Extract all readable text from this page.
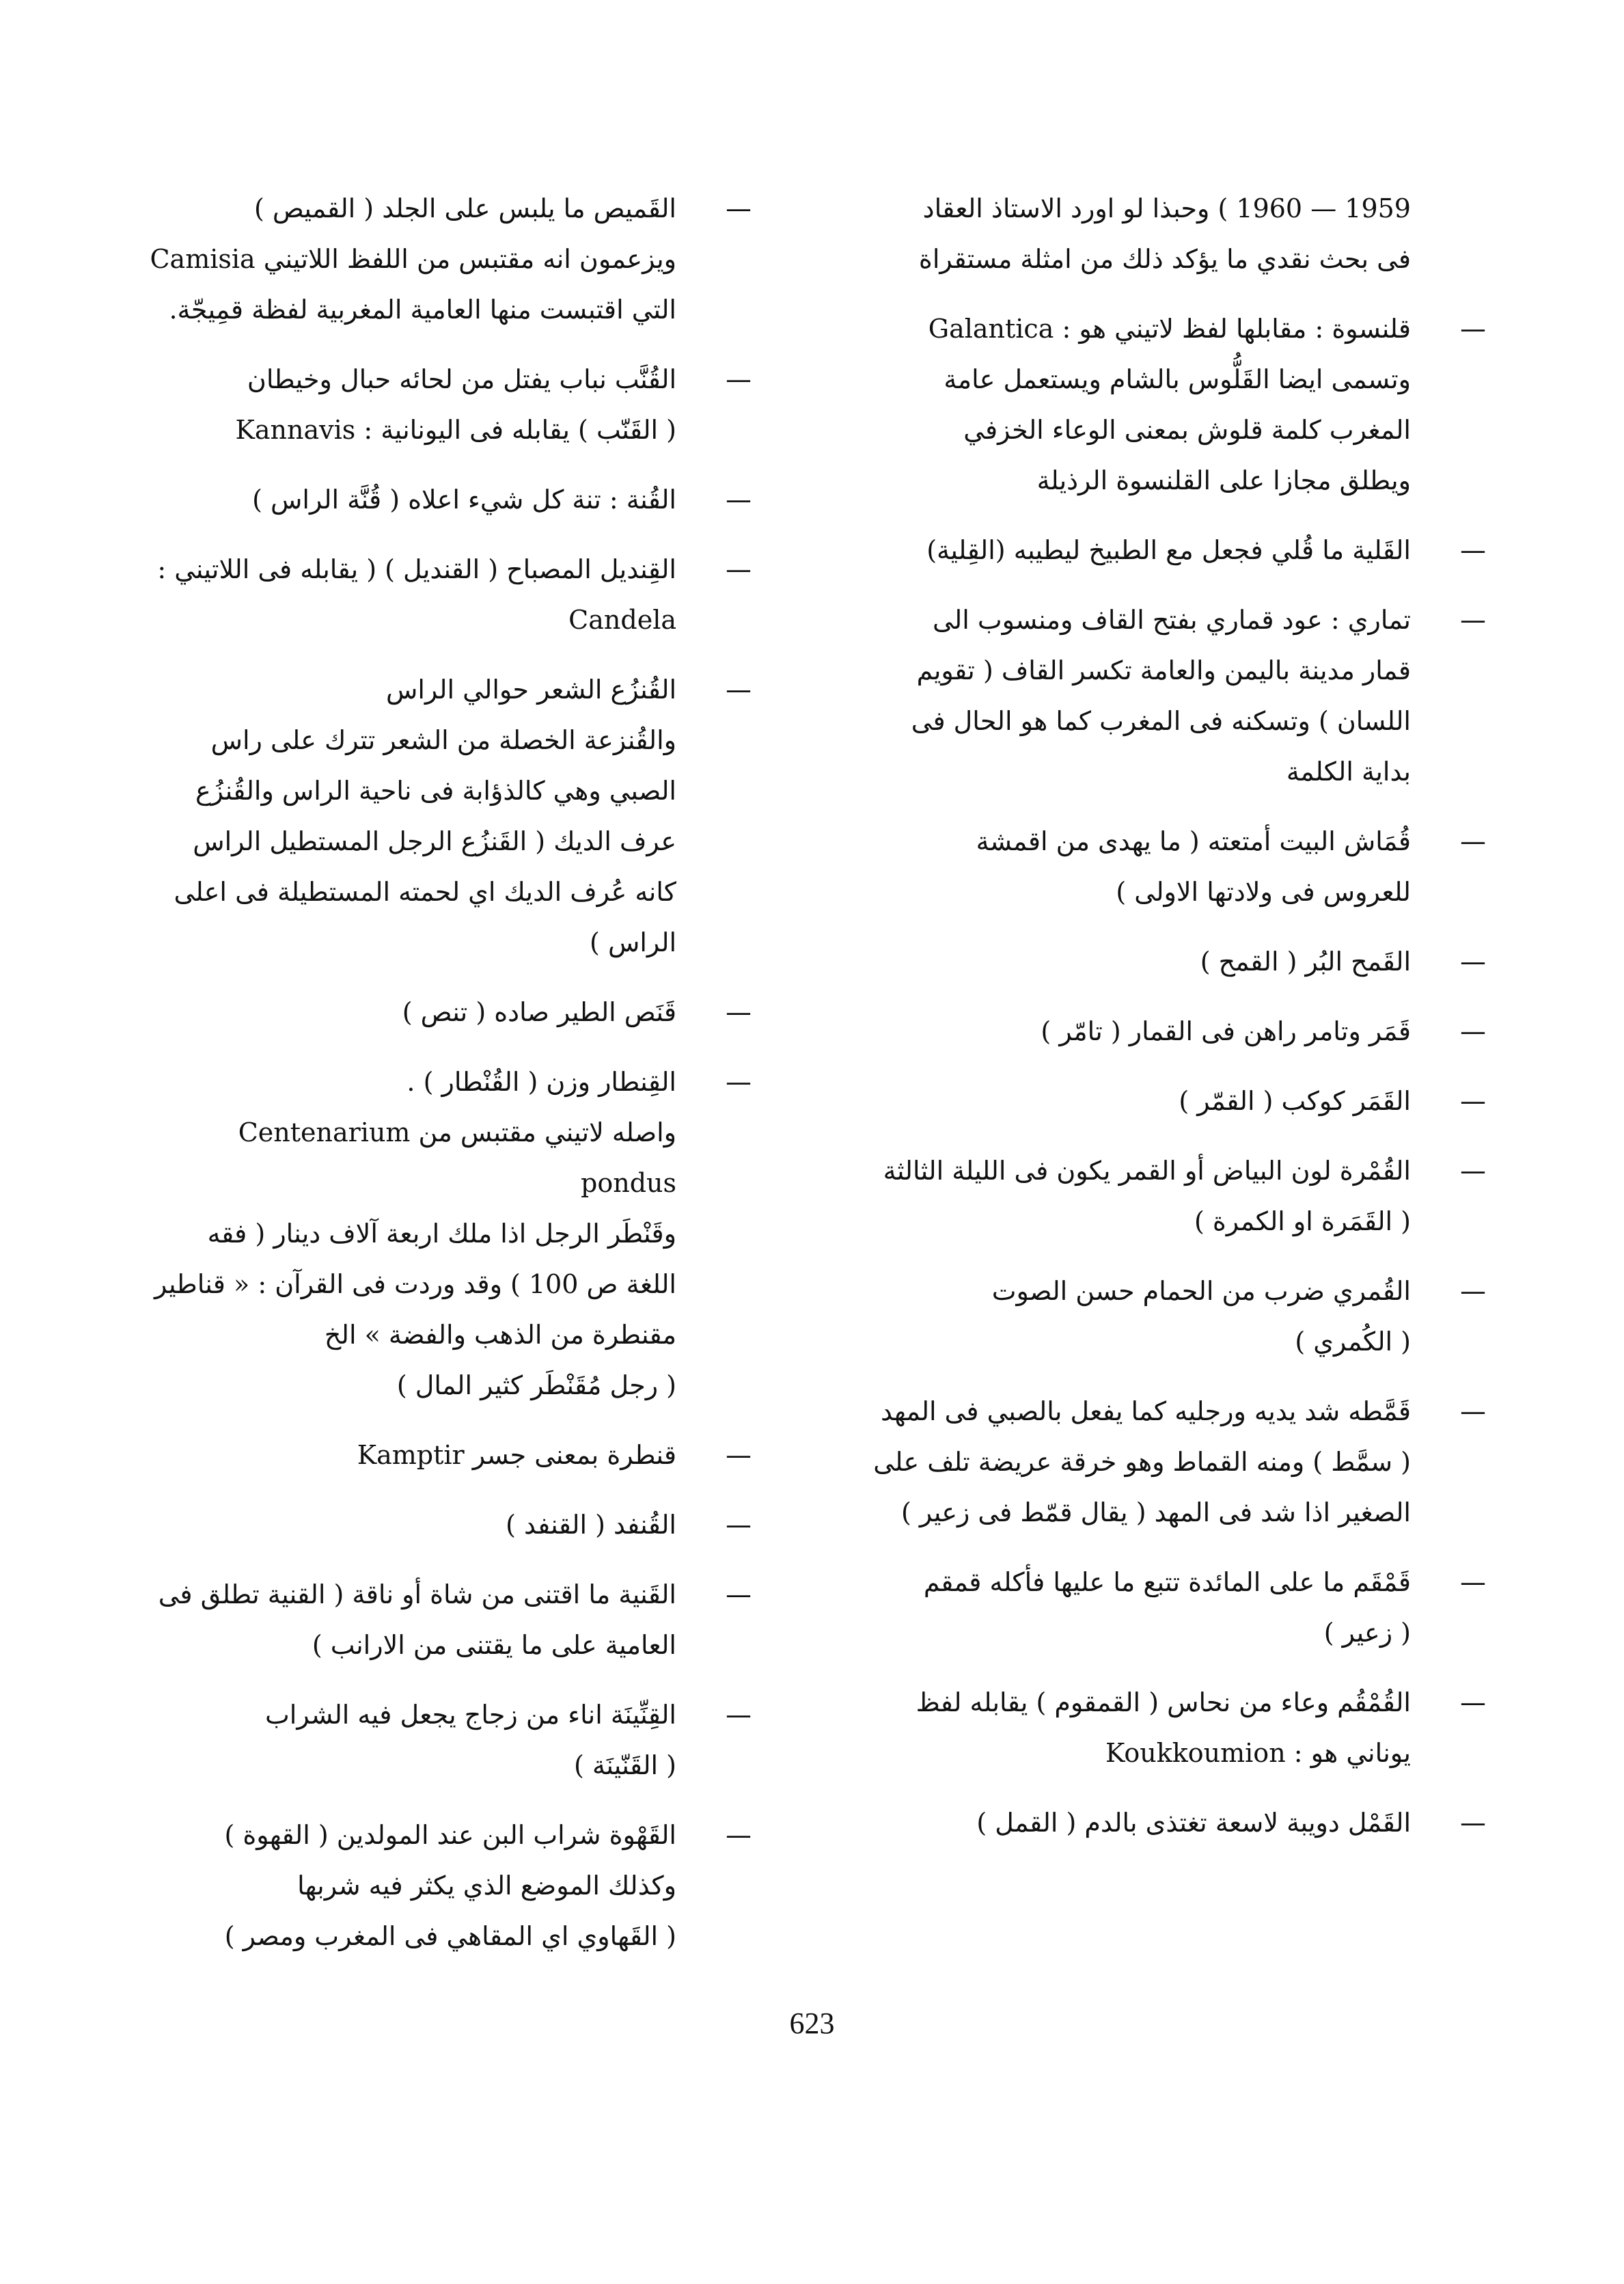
1959 — 1960 ) وحبذا لو اورد الاستاذ العقاد

فى بحث نقدي ما يؤكد ذلك من امثلة مستقراة

—

قلنسوة : مقابلها لفظ لاتيني هو : Galantica

وتسمى ايضا القَلُّوس بالشام ويستعمل عامة

المغرب كلمة قلوش بمعنى الوعاء الخزفي

ويطلق مجازا على القلنسوة الرذيلة

—

القَلية ما قُلي فجعل مع الطبيخ ليطيبه (القِلية)

—

تماري : عود قماري بفتح القاف ومنسوب الى

قمار مدينة باليمن والعامة تكسر القاف ( تقويم

اللسان ) وتسكنه فى المغرب كما هو الحال فى

بداية الكلمة

—

قُمَاش البيت أمتعته ( ما يهدى من اقمشة

للعروس فى ولادتها الاولى )

—

القَمح البُر ( القمح )

—

قَمَر وتامر راهن فى القمار ( تامّر )

—

القَمَر كوكب ( القمّر )

—

القُمْرة لون البياض أو القمر يكون فى الليلة الثالثة

( القَمَرة او الكمرة )

—

القُمري ضرب من الحمام حسن الصوت

( الكُمري )

—

قَمَّطه شد يديه ورجليه كما يفعل بالصبي فى المهد

( سمَّط ) ومنه القماط وهو خرقة عريضة تلف على

الصغير اذا شد فى المهد ( يقال قمّط فى زعير )

—

قَمْقَم ما على المائدة تتبع ما عليها فأكله قمقم

( زعير )

—

القُمْقُم وعاء من نحاس ( القمقوم ) يقابله لفظ

يوناني هو : Koukkoumion

—

القَمْل دويبة لاسعة تغتذى بالدم ( القمل )

—

القَميص ما يلبس على الجلد ( القميص )

ويزعمون انه مقتبس من اللفظ اللاتيني Camisia

التي اقتبست منها العامية المغربية لفظة قمِيجّة.

—

القُنَّب نباب يفتل من لحائه حبال وخيطان

( القَنّب ) يقابله فى اليونانية : Kannavis

—

القُنة : تنة كل شيء اعلاه ( قُنَّة الراس )

—

القِنديل المصباح ( القنديل ) ( يقابله فى اللاتيني :

Candela

—

القُنزُع الشعر حوالي الراس

والقُنزعة الخصلة من الشعر تترك على راس

الصبي وهي كالذؤابة فى ناحية الراس والقُنزُع

عرف الديك ( القَنزُع الرجل المستطيل الراس

كانه عُرف الديك اي لحمته المستطيلة فى اعلى

الراس )

—

قَنَص الطير صاده ( تنص )

—

القِنطار وزن ( القُنْطار ) .

واصله لاتيني مقتبس من Centenarium pondus

وقَنْطَر الرجل اذا ملك اربعة آلاف دينار ( فقه

اللغة ص 100 ) وقد وردت فى القرآن : « قناطير

مقنطرة من الذهب والفضة » الخ

( رجل مُقَنْطَر كثير المال )

—

قنطرة بمعنى جسر Kamptir

—

القُنفد ( القنفد )

—

القَنية ما اقتنى من شاة أو ناقة ( القنية تطلق فى

العامية على ما يقتنى من الارانب )

—

القِنِّينَة اناء من زجاج يجعل فيه الشراب

( القَنّينَة )

—

القَهْوة شراب البن عند المولدين ( القهوة )

وكذلك الموضع الذي يكثر فيه شربها

( القَهاوي اي المقاهي فى المغرب ومصر )

623
